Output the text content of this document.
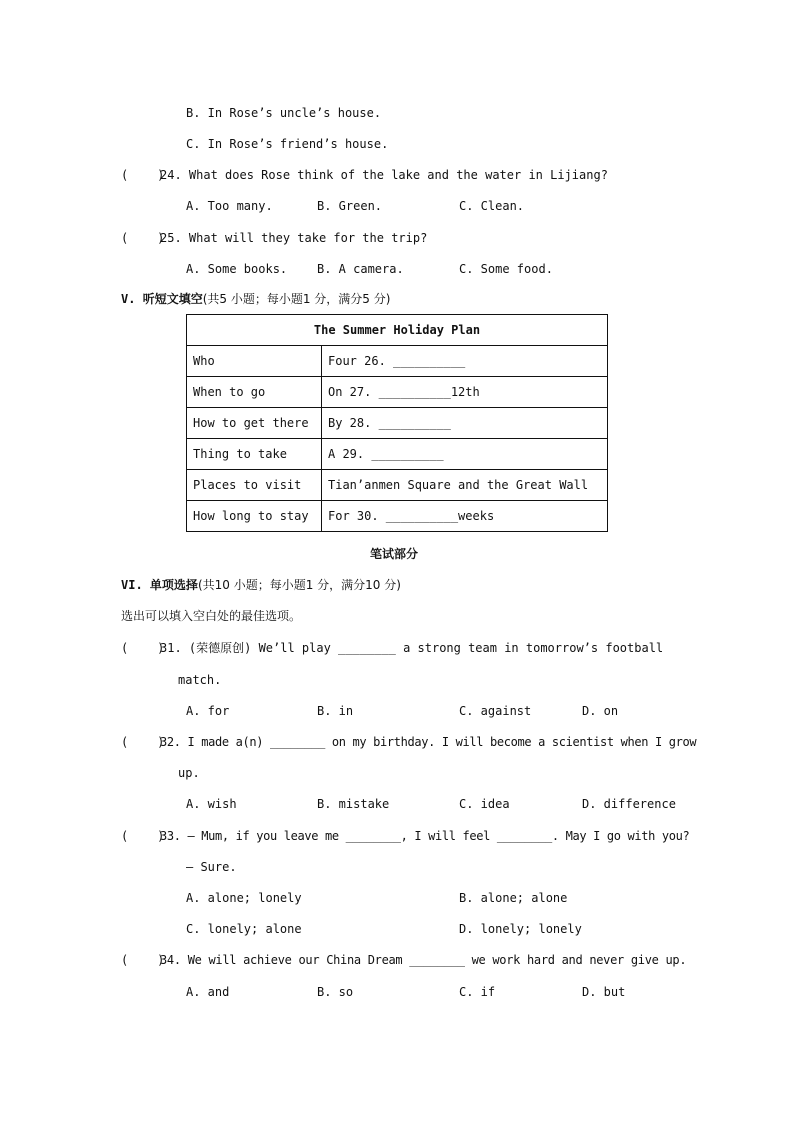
B. In Rose’s uncle’s house.
C. In Rose’s friend’s house.
(    )
24. What does Rose think of the lake and the water in Lijiang?
A. Too many.	B. Green.	C. Clean.
(    )
25. What will they take for the trip?
A. Some books. B. A camera.	C. Some food.
V. 听短文填空(共5 小题；每小题1 分，满分5 分)
The Summer Holiday Plan	
Who	Four 26. __________
When to go	On 27. __________12th
How to get there	By 28. __________
Thing to take	A 29. __________
Places to visit	Tian’anmen Square and the Great Wall
How long to stay	For 30. __________weeks
笔试部分
VI. 单项选择(共10 小题；每小题1 分，满分10 分)
选出可以填入空白处的最佳选项。
(    )
31. (荣德原创) We’ll play ________ a strong team in tomorrow’s football
match.
A. for	B. in	C. against	D. on
(    )
32. I made a(n) ________ on my birthday. I will become a scientist when I grow
up.
A. wish	B. mistake	C. idea	D. difference
(    )
33. — Mum, if you leave me ________, I will feel ________. May I go with you?
— Sure.
A. alone; lonely	B. alone; alone
C. lonely; alone	D. lonely; lonely
(    )
34. We will achieve our China Dream ________ we work hard and never give up.
A. and	B. so	C. if	D. but
